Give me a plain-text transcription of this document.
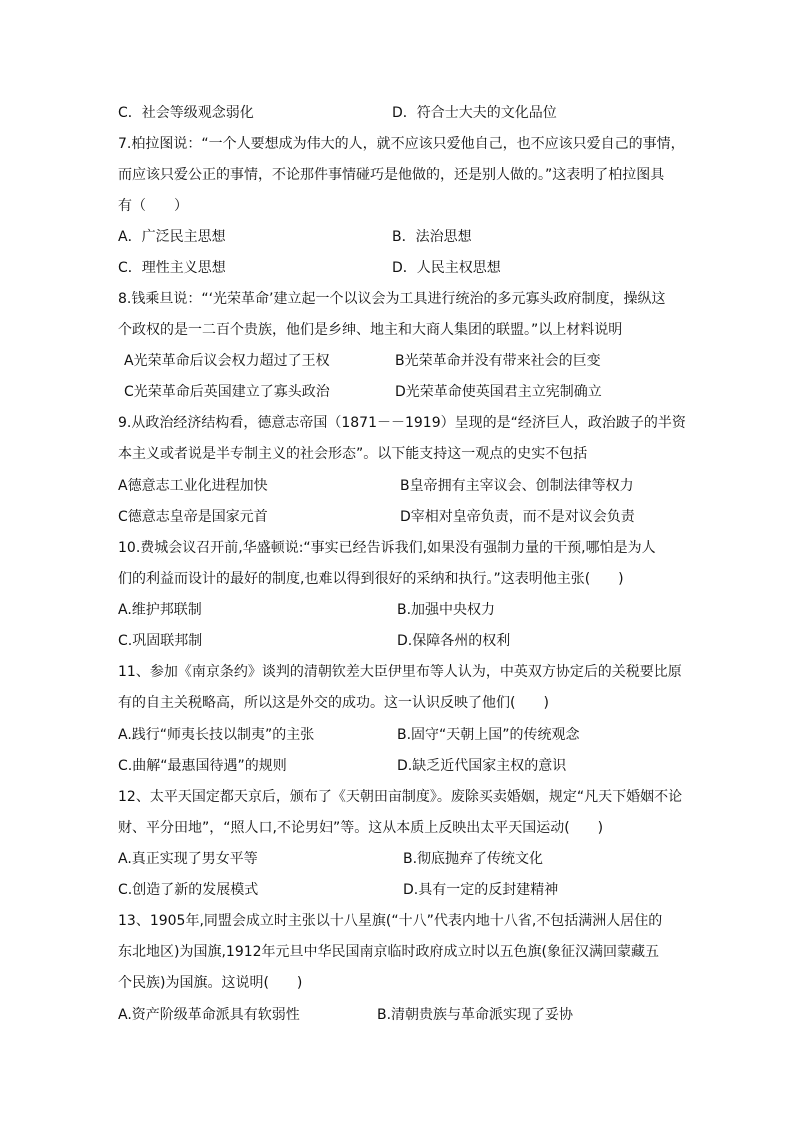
C．社会等级观念弱化	D．符合士大夫的文化品位
7.柏拉图说：“一个人要想成为伟大的人，就不应该只爱他自己，也不应该只爱自己的事情，
而应该只爱公正的事情，不论那件事情碰巧是他做的，还是别人做的。”这表明了柏拉图具
有（　　）
A．广泛民主思想	B．法治思想
C．理性主义思想	D．人民主权思想
8.钱乘旦说：“‘光荣革命’建立起一个以议会为工具进行统治的多元寡头政府制度，操纵这
个政权的是一二百个贵族，他们是乡绅、地主和大商人集团的联盟。”以上材料说明
A光荣革命后议会权力超过了王权	B光荣革命并没有带来社会的巨变
C光荣革命后英国建立了寡头政治	D光荣革命使英国君主立宪制确立
9.从政治经济结构看，德意志帝国（1871－－1919）呈现的是“经济巨人，政治跛子的半资
本主义或者说是半专制主义的社会形态”。以下能支持这一观点的史实不包括
A德意志工业化进程加快	B皇帝拥有主宰议会、创制法律等权力
C德意志皇帝是国家元首	D宰相对皇帝负责，而不是对议会负责
10.费城会议召开前,华盛顿说:“事实已经告诉我们,如果没有强制力量的干预,哪怕是为人
们的利益而设计的最好的制度,也难以得到很好的采纳和执行。”这表明他主张(　　)
A.维护邦联制	B.加强中央权力
C.巩固联邦制	D.保障各州的权利
11、参加《南京条约》谈判的清朝钦差大臣伊里布等人认为，中英双方协定后的关税要比原
有的自主关税略高，所以这是外交的成功。这一认识反映了他们(　　)
A.践行“师夷长技以制夷”的主张	B.固守“天朝上国”的传统观念
C.曲解“最惠国待遇”的规则	D.缺乏近代国家主权的意识
12、太平天国定都天京后，颁布了《天朝田亩制度》。废除买卖婚姻，规定“凡天下婚姻不论
财、平分田地”，“照人口,不论男妇”等。这从本质上反映出太平天国运动(　　)
A.真正实现了男女平等	B.彻底抛弃了传统文化
C.创造了新的发展模式	D.具有一定的反封建精神
13、1905年,同盟会成立时主张以十八星旗(“十八”代表内地十八省,不包括满洲人居住的
东北地区)为国旗,1912年元旦中华民国南京临时政府成立时以五色旗(象征汉满回蒙藏五
个民族)为国旗。这说明(　　)
A.资产阶级革命派具有软弱性	B.清朝贵族与革命派实现了妥协
